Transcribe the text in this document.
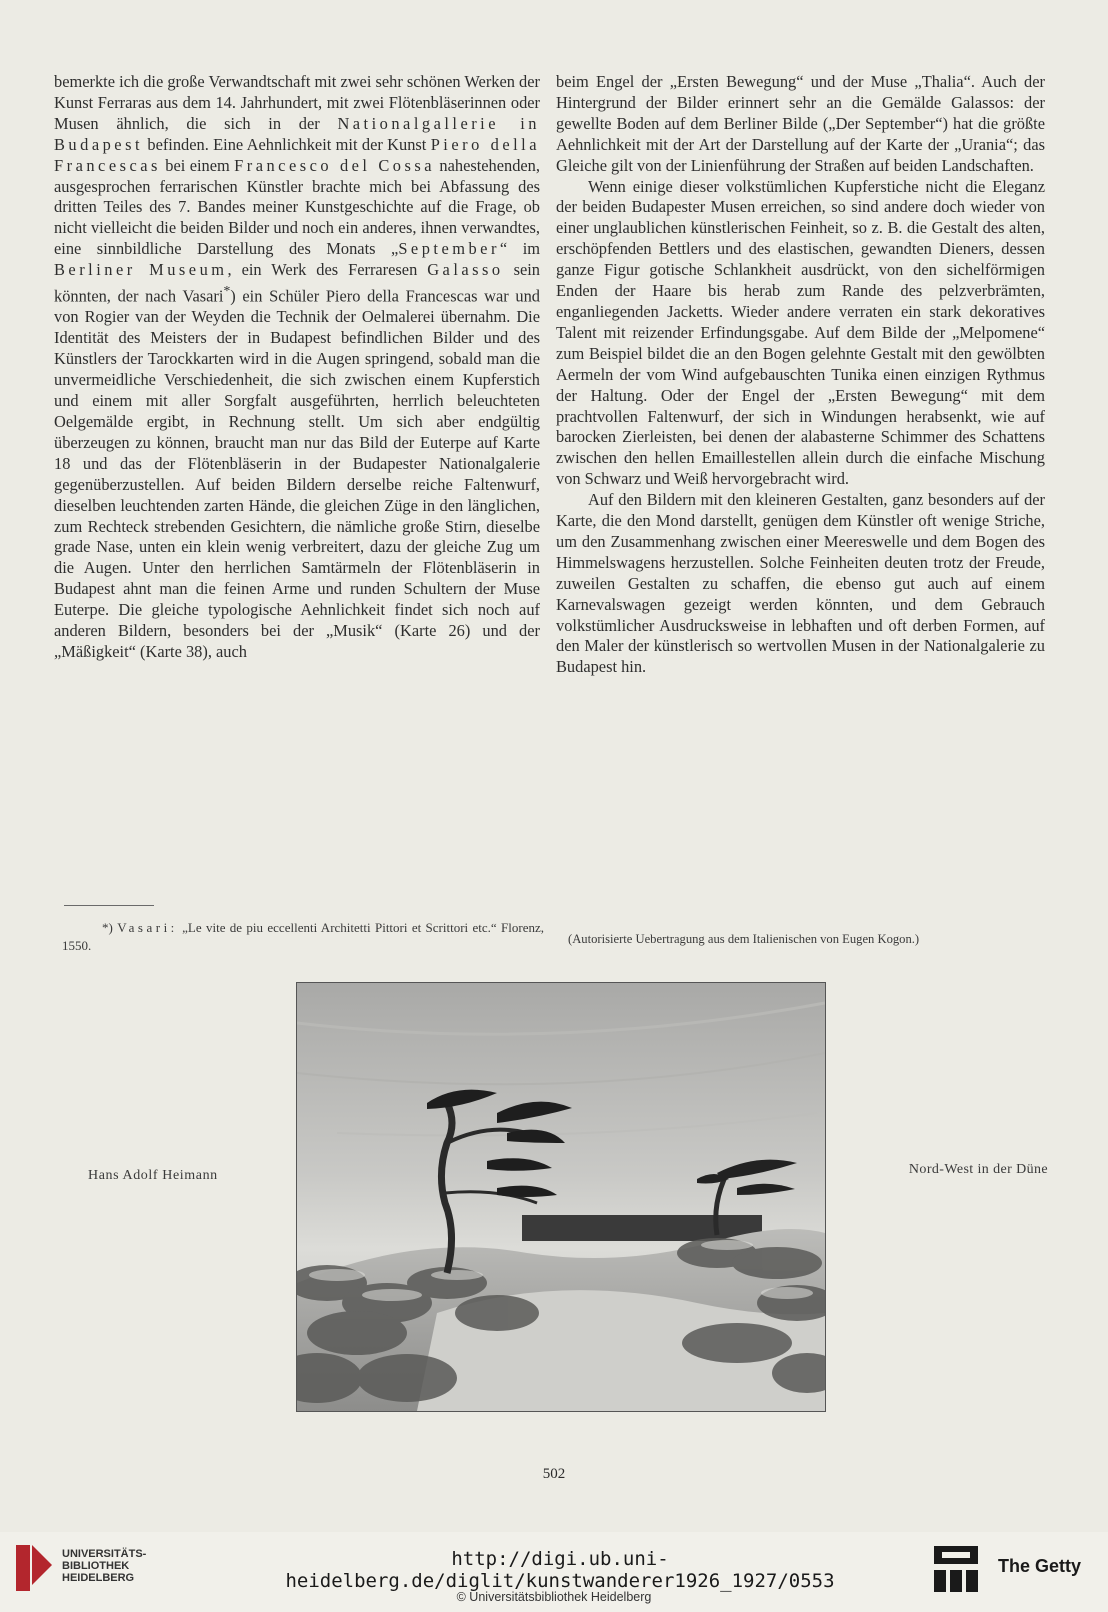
bemerkte ich die große Verwandtschaft mit zwei sehr schönen Werken der Kunst Ferraras aus dem 14. Jahrhundert, mit zwei Flötenbläserinnen oder Musen ähnlich, die sich in der Nationalgallerie in Budapest befinden. Eine Aehnlichkeit mit der Kunst Piero della Francescas bei einem Francesco del Cossa nahestehenden, ausgesprochen ferrarischen Künstler brachte mich bei Abfassung des dritten Teiles des 7. Bandes meiner Kunstgeschichte auf die Frage, ob nicht vielleicht die beiden Bilder und noch ein anderes, ihnen verwandtes, eine sinnbildliche Darstellung des Monats „September“ im Berliner Museum, ein Werk des Ferraresen Galasso sein könnten, der nach Vasari*) ein Schüler Piero della Francescas war und von Rogier van der Weyden die Technik der Oelmalerei übernahm. Die Identität des Meisters der in Budapest befindlichen Bilder und des Künstlers der Tarockkarten wird in die Augen springend, sobald man die unvermeidliche Verschiedenheit, die sich zwischen einem Kupferstich und einem mit aller Sorgfalt ausgeführten, herrlich beleuchteten Oelgemälde ergibt, in Rechnung stellt. Um sich aber endgültig überzeugen zu können, braucht man nur das Bild der Euterpe auf Karte 18 und das der Flötenbläserin in der Budapester Nationalgalerie gegenüberzustellen. Auf beiden Bildern derselbe reiche Faltenwurf, dieselben leuchtenden zarten Hände, die gleichen Züge in den länglichen, zum Rechteck strebenden Gesichtern, die nämliche große Stirn, dieselbe grade Nase, unten ein klein wenig verbreitert, dazu der gleiche Zug um die Augen. Unter den herrlichen Samtärmeln der Flötenbläserin in Budapest ahnt man die feinen Arme und runden Schultern der Muse Euterpe. Die gleiche typologische Aehnlichkeit findet sich noch auf anderen Bildern, besonders bei der „Musik“ (Karte 26) und der „Mäßigkeit“ (Karte 38), auch

beim Engel der „Ersten Bewegung“ und der Muse „Thalia“. Auch der Hintergrund der Bilder erinnert sehr an die Gemälde Galassos: der gewellte Boden auf dem Berliner Bilde („Der September“) hat die größte Aehnlichkeit mit der Art der Darstellung auf der Karte der „Urania“; das Gleiche gilt von der Linienführung der Straßen auf beiden Landschaften.

Wenn einige dieser volkstümlichen Kupferstiche nicht die Eleganz der beiden Budapester Musen erreichen, so sind andere doch wieder von einer unglaublichen künstlerischen Feinheit, so z. B. die Gestalt des alten, erschöpfenden Bettlers und des elastischen, gewandten Dieners, dessen ganze Figur gotische Schlankheit ausdrückt, von den sichelförmigen Enden der Haare bis herab zum Rande des pelzverbrämten, enganliegenden Jacketts. Wieder andere verraten ein stark dekoratives Talent mit reizender Erfindungsgabe. Auf dem Bilde der „Melpomene“ zum Beispiel bildet die an den Bogen gelehnte Gestalt mit den gewölbten Aermeln der vom Wind aufgebauschten Tunika einen einzigen Rythmus der Haltung. Oder der Engel der „Ersten Bewegung“ mit dem prachtvollen Faltenwurf, der sich in Windungen herabsenkt, wie auf barocken Zierleisten, bei denen der alabasterne Schimmer des Schattens zwischen den hellen Emaillestellen allein durch die einfache Mischung von Schwarz und Weiß hervorgebracht wird.

Auf den Bildern mit den kleineren Gestalten, ganz besonders auf der Karte, die den Mond darstellt, genügen dem Künstler oft wenige Striche, um den Zusammenhang zwischen einer Meereswelle und dem Bogen des Himmelswagens herzustellen. Solche Feinheiten deuten trotz der Freude, zuweilen Gestalten zu schaffen, die ebenso gut auch auf einem Karnevalswagen gezeigt werden könnten, und dem Gebrauch volkstümlicher Ausdrucksweise in lebhaften und oft derben Formen, auf den Maler der künstlerisch so wertvollen Musen in der Nationalgalerie zu Budapest hin.

*) Vasari: „Le vite de piu eccellenti Architetti Pittori et Scrittori etc.“ Florenz, 1550.	(Autorisierte Uebertragung aus dem Italienischen von Eugen Kogon.)
Hans Adolf Heimann	Nord-West in der Düne
502
UNIVERSITÄTS-
BIBLIOTHEK
HEIDELBERG
http://digi.ub.uni-heidelberg.de/diglit/kunstwanderer1926_1927/0553
© Universitätsbibliothek Heidelberg
The Getty
